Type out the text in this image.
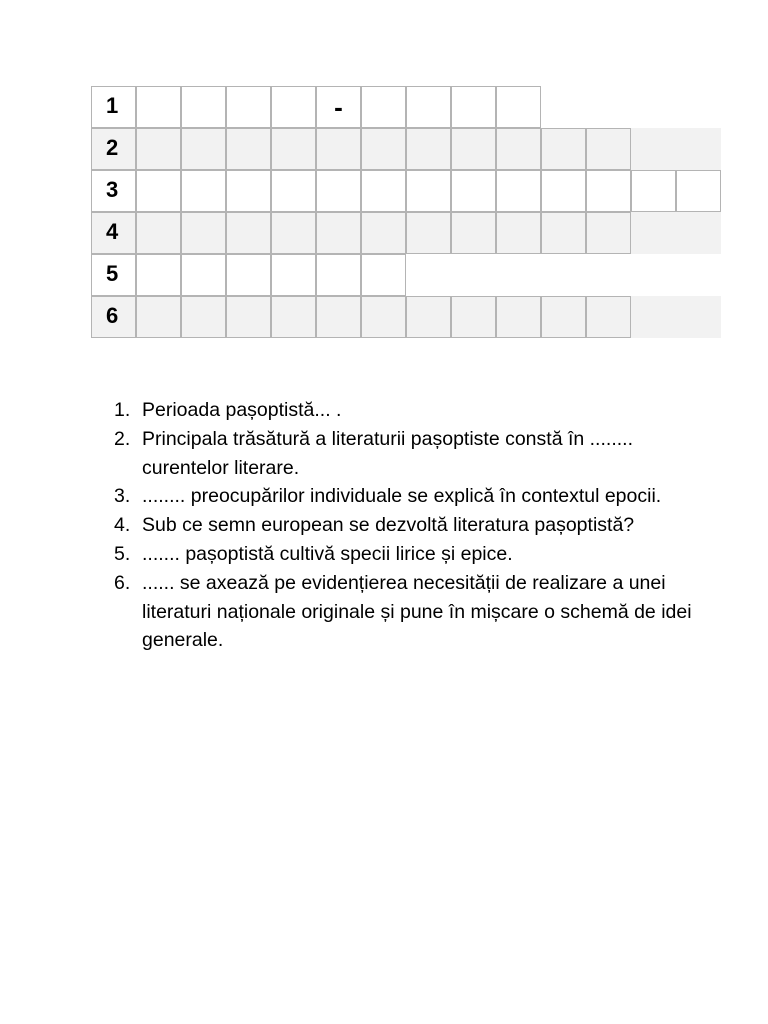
1	-
2
3
4
5
6
1. Perioada pașoptistă... .
2. Principala trăsătură a literaturii pașoptiste constă în ........ curentelor literare.
3. ........ preocupărilor individuale se explică în contextul epocii.
4. Sub ce semn european se dezvoltă literatura pașoptistă?
5. ....... pașoptistă cultivă specii lirice și epice.
6. ...... se axează pe evidențierea necesității de realizare a unei literaturi naționale originale și pune în mișcare o schemă de idei generale.
